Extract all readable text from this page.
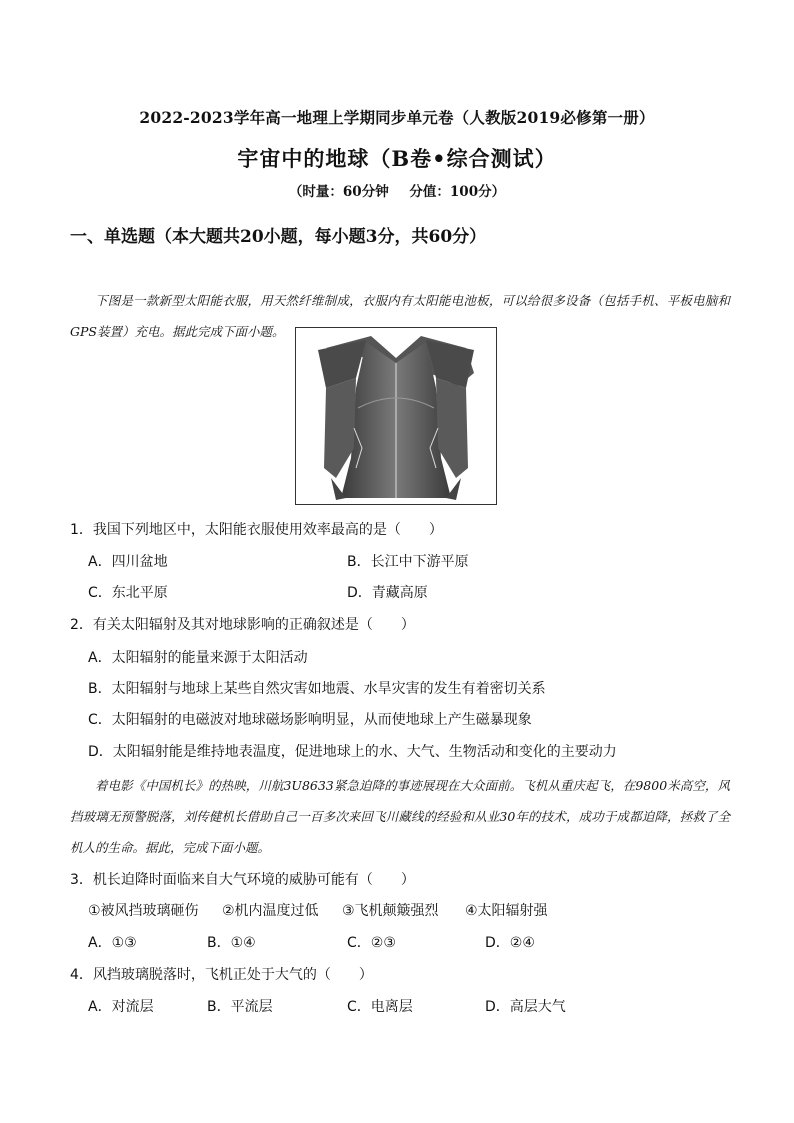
2022-2023学年高一地理上学期同步单元卷（人教版2019必修第一册）
宇宙中的地球（B卷•综合测试）
（时量：60分钟 分值：100分）
一、单选题（本大题共20小题，每小题3分，共60分）
下图是一款新型太阳能衣服，用天然纤维制成，衣服内有太阳能电池板，可以给很多设备（包括手机、平板电脑和GPS装置）充电。据此完成下面小题。
1．我国下列地区中，太阳能衣服使用效率最高的是（　　）
A．四川盆地	B．长江中下游平原
C．东北平原	D．青藏高原
2．有关太阳辐射及其对地球影响的正确叙述是（　　）
A．太阳辐射的能量来源于太阳活动
B．太阳辐射与地球上某些自然灾害如地震、水旱灾害的发生有着密切关系
C．太阳辐射的电磁波对地球磁场影响明显，从而使地球上产生磁暴现象
D．太阳辐射能是维持地表温度，促进地球上的水、大气、生物活动和变化的主要动力
着电影《中国机长》的热映，川航3U8633紧急迫降的事迹展现在大众面前。飞机从重庆起飞，在9800米高空，风挡玻璃无预警脱落，刘传健机长借助自己一百多次来回飞川藏线的经验和从业30年的技术，成功于成都迫降，拯救了全机人的生命。据此，完成下面小题。
3．机长迫降时面临来自大气环境的威胁可能有（　　）
①被风挡玻璃砸伤 ②机内温度过低 ③飞机颠簸强烈 ④太阳辐射强
A．①③	B．①④	C．②③	D．②④
4．风挡玻璃脱落时，飞机正处于大气的（　　）
A．对流层	B．平流层	C．电离层	D．高层大气
